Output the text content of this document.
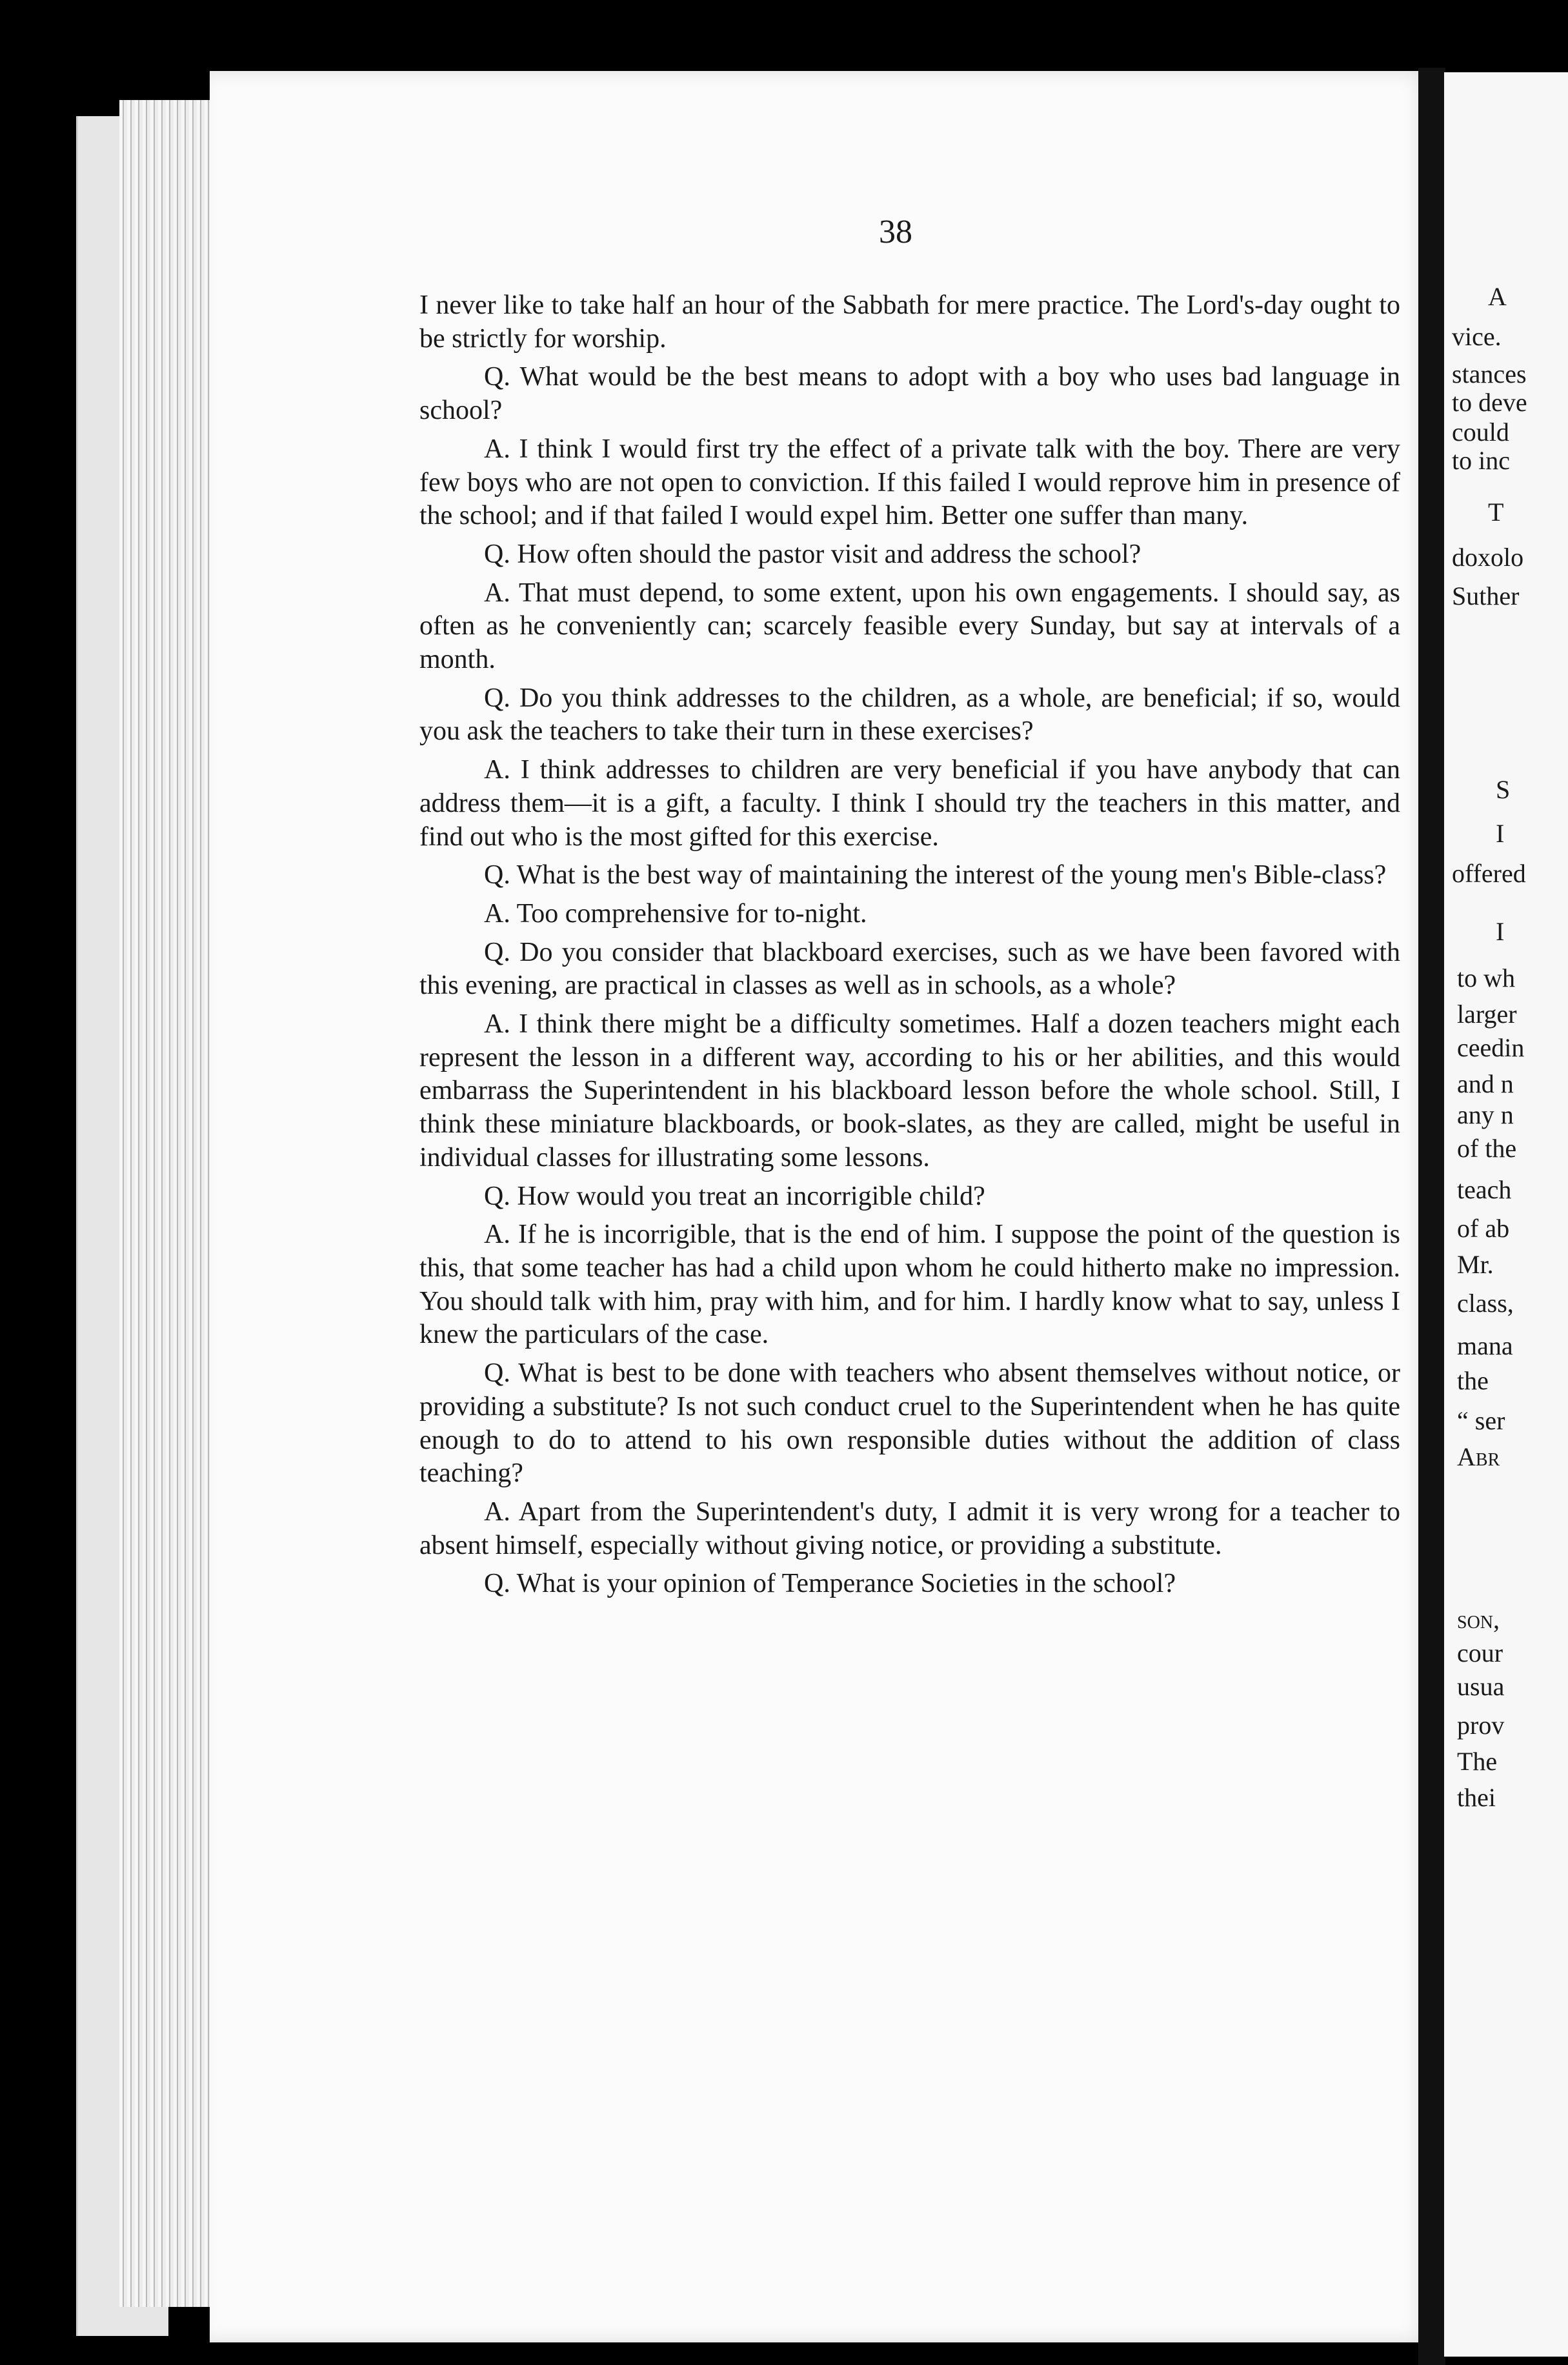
A
vice.
stances
to deve
could
to inc
T
doxolo
Suther
S
I
offered
I
to wh
larger
ceedin
and n
any n
of the
teach
of ab
Mr.
class,
mana
the
“ ser
Abr
son,
cour
usua
prov
The
thei
38

I never like to take half an hour of the Sabbath for mere practice. The Lord's-day ought to be strictly for worship.

Q. What would be the best means to adopt with a boy who uses bad language in school?

A. I think I would first try the effect of a private talk with the boy. There are very few boys who are not open to conviction. If this failed I would reprove him in presence of the school; and if that failed I would expel him. Better one suffer than many.

Q. How often should the pastor visit and address the school?

A. That must depend, to some extent, upon his own engagements. I should say, as often as he conveniently can; scarcely feasible every Sunday, but say at intervals of a month.

Q. Do you think addresses to the children, as a whole, are beneficial; if so, would you ask the teachers to take their turn in these exercises?

A. I think addresses to children are very beneficial if you have anybody that can address them—it is a gift, a faculty. I think I should try the teachers in this matter, and find out who is the most gifted for this exercise.

Q. What is the best way of maintaining the interest of the young men's Bible-class?

A. Too comprehensive for to-night.

Q. Do you consider that blackboard exercises, such as we have been favored with this evening, are practical in classes as well as in schools, as a whole?

A. I think there might be a difficulty sometimes. Half a dozen teachers might each represent the lesson in a different way, according to his or her abilities, and this would embarrass the Superintendent in his blackboard lesson before the whole school. Still, I think these miniature blackboards, or book-slates, as they are called, might be useful in individual classes for illustrating some lessons.

Q. How would you treat an incorrigible child?

A. If he is incorrigible, that is the end of him. I suppose the point of the question is this, that some teacher has had a child upon whom he could hitherto make no impression. You should talk with him, pray with him, and for him. I hardly know what to say, unless I knew the particulars of the case.

Q. What is best to be done with teachers who absent themselves without notice, or providing a substitute? Is not such conduct cruel to the Superintendent when he has quite enough to do to attend to his own responsible duties without the addition of class teaching?

A. Apart from the Superintendent's duty, I admit it is very wrong for a teacher to absent himself, especially without giving notice, or providing a substitute.

Q. What is your opinion of Temperance Societies in the school?
